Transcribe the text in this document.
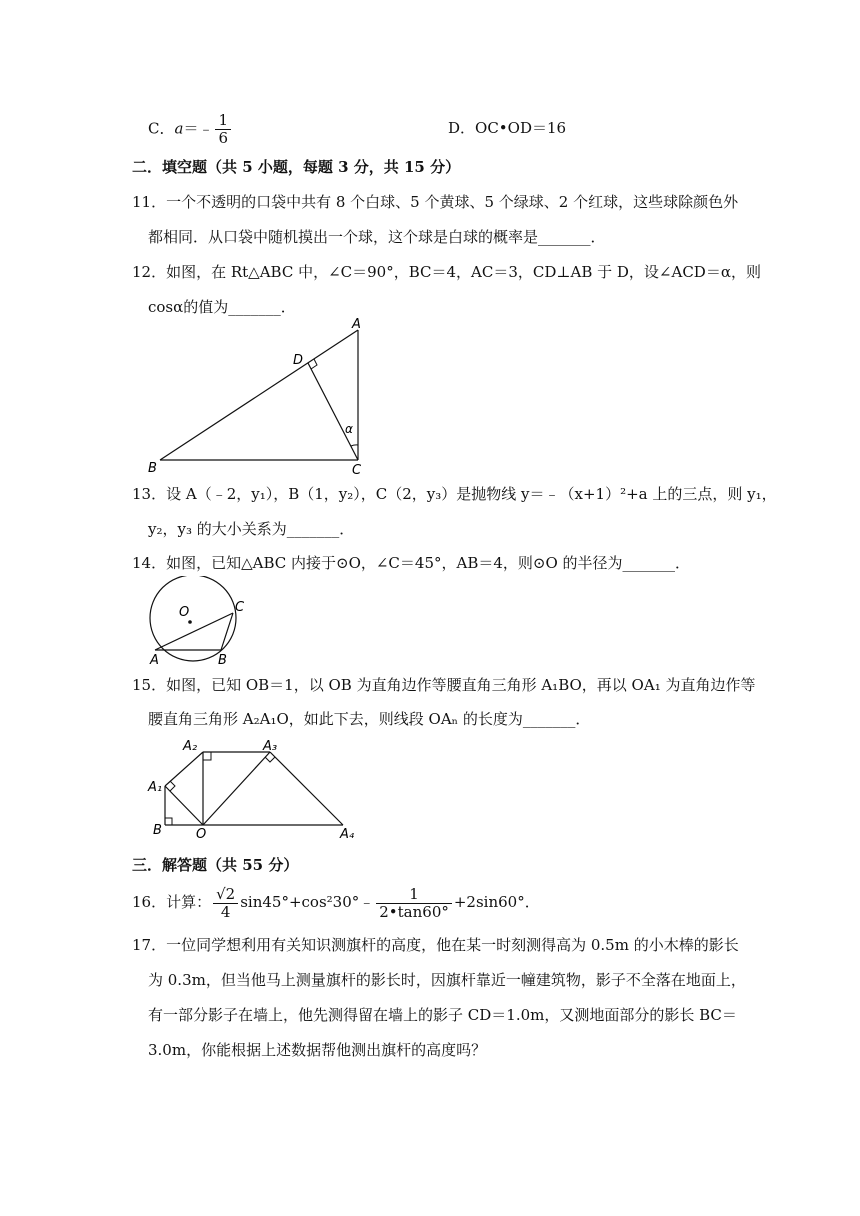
C．a＝﹣ $\frac{1}{6}$	D．OC•OD＝16
二．填空题（共 5 小题，每题 3 分，共 15 分）
11．一个不透明的口袋中共有 8 个白球、5 个黄球、5 个绿球、2 个红球，这些球除颜色外
都相同．从口袋中随机摸出一个球，这个球是白球的概率是_______．
12．如图，在 Rt△ABC 中，∠C＝90°，BC＝4，AC＝3，CD⊥AB 于 D，设∠ACD＝α，则
cosα的值为_______．
A
B	C
D
α
13．设 A（﹣2，y₁），B（1，y₂），C（2，y₃）是抛物线 y＝﹣（x+1）²+a 上的三点，则 y₁，
y₂，y₃ 的大小关系为_______．
14．如图，已知△ABC 内接于⊙O，∠C＝45°，AB＝4，则⊙O 的半径为_______．
O
A	B
C
15．如图，已知 OB＝1，以 OB 为直角边作等腰直角三角形 A₁BO，再以 OA₁ 为直角边作等
腰直角三角形 A₂A₁O，如此下去，则线段 OAₙ 的长度为_______．
A₂	A₃
A₁
B	O	A₄
三．解答题（共 55 分）
16．计算： $\frac{√2}{4}$ sin45°+cos²30°﹣ $\frac{1}{2•\tan 60^\circ} +2\sin 60^\circ$．
17．一位同学想利用有关知识测旗杆的高度，他在某一时刻测得高为 0.5m 的小木棒的影长
为 0.3m，但当他马上测量旗杆的影长时，因旗杆靠近一幢建筑物，影子不全落在地面上，
有一部分影子在墙上，他先测得留在墙上的影子 CD＝1.0m，又测地面部分的影长 BC＝
3.0m，你能根据上述数据帮他测出旗杆的高度吗？
